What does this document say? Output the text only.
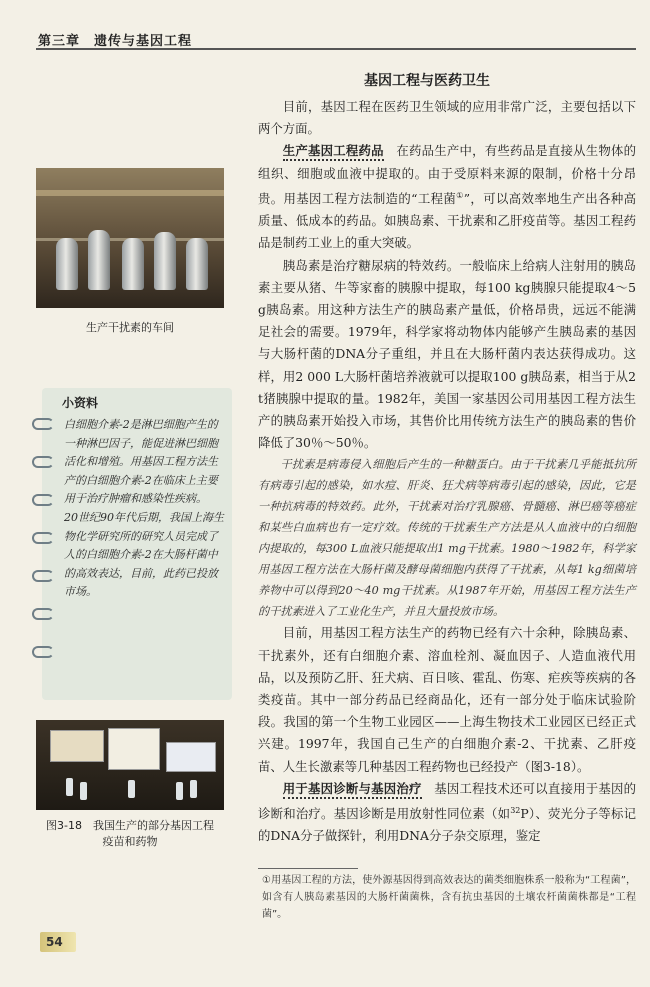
第三章　遗传与基因工程
生产干扰素的车间
小资料

白细胞介素-2是淋巴细胞产生的一种淋巴因子，能促进淋巴细胞活化和增殖。用基因工程方法生产的白细胞介素-2在临床上主要用于治疗肿瘤和感染性疾病。

20世纪90年代后期，我国上海生物化学研究所的研究人员完成了人的白细胞介素-2在大肠杆菌中的高效表达，目前，此药已投放市场。

图3-18　我国生产的部分基因工程
疫苗和药物
基因工程与医药卫生

目前，基因工程在医药卫生领域的应用非常广泛，主要包括以下两个方面。

生产基因工程药品　在药品生产中，有些药品是直接从生物体的组织、细胞或血液中提取的。由于受原料来源的限制，价格十分昂贵。用基因工程方法制造的“工程菌①”，可以高效率地生产出各种高质量、低成本的药品。如胰岛素、干扰素和乙肝疫苗等。基因工程药品是制药工业上的重大突破。

胰岛素是治疗糖尿病的特效药。一般临床上给病人注射用的胰岛素主要从猪、牛等家畜的胰腺中提取，每100 kg胰腺只能提取4～5 g胰岛素。用这种方法生产的胰岛素产量低，价格昂贵，远远不能满足社会的需要。1979年，科学家将动物体内能够产生胰岛素的基因与大肠杆菌的DNA分子重组，并且在大肠杆菌内表达获得成功。这样，用2 000 L大肠杆菌培养液就可以提取100 g胰岛素，相当于从2 t猪胰腺中提取的量。1982年，美国一家基因公司用基因工程方法生产的胰岛素开始投入市场，其售价比用传统方法生产的胰岛素的售价降低了30％～50％。

干扰素是病毒侵入细胞后产生的一种糖蛋白。由于干扰素几乎能抵抗所有病毒引起的感染，如水痘、肝炎、狂犬病等病毒引起的感染，因此，它是一种抗病毒的特效药。此外，干扰素对治疗乳腺癌、骨髓癌、淋巴癌等癌症和某些白血病也有一定疗效。传统的干扰素生产方法是从人血液中的白细胞内提取的，每300 L血液只能提取出1 mg干扰素。1980～1982年，科学家用基因工程方法在大肠杆菌及酵母菌细胞内获得了干扰素，从每1 kg细菌培养物中可以得到20～40 mg干扰素。从1987年开始，用基因工程方法生产的干扰素进入了工业化生产，并且大量投放市场。

目前，用基因工程方法生产的药物已经有六十余种，除胰岛素、干扰素外，还有白细胞介素、溶血栓剂、凝血因子、人造血液代用品，以及预防乙肝、狂犬病、百日咳、霍乱、伤寒、疟疾等疾病的各类疫苗。其中一部分药品已经商品化，还有一部分处于临床试验阶段。我国的第一个生物工业园区——上海生物技术工业园区已经正式兴建。1997年，我国自己生产的白细胞介素-2、干扰素、乙肝疫苗、人生长激素等几种基因工程药物也已经投产（图3-18）。

用于基因诊断与基因治疗　基因工程技术还可以直接用于基因的诊断和治疗。基因诊断是用放射性同位素（如$^{32}$P）、荧光分子等标记的DNA分子做探针，利用DNA分子杂交原理，鉴定

①用基因工程的方法，使外源基因得到高效表达的菌类细胞株系一般称为“工程菌”，如含有人胰岛素基因的大肠杆菌菌株，含有抗虫基因的土壤农杆菌菌株都是“工程菌”。
54
